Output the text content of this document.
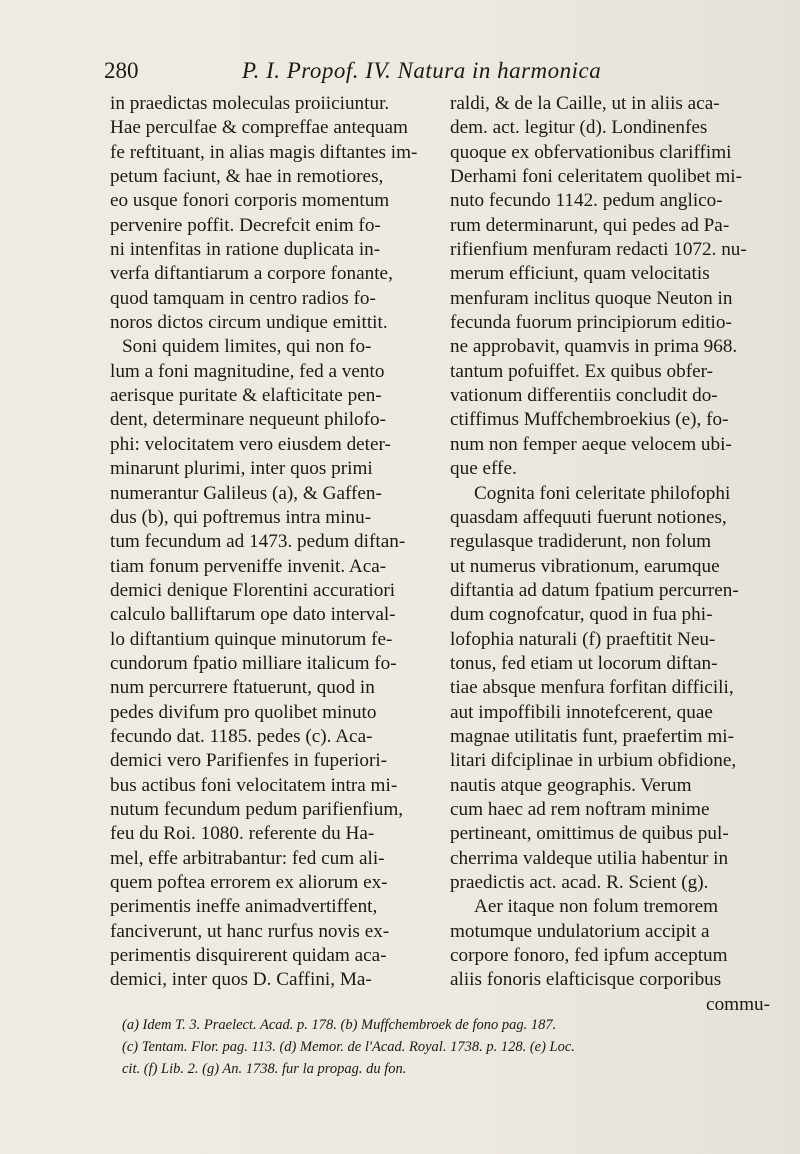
280	P. I. Propof. IV. Natura in harmonica
in praedictas moleculas proiiciuntur.
Hae perculfae & compreffae antequam
fe reftituant, in alias magis diftantes im-
petum faciunt, & hae in remotiores,
eo usque fonori corporis momentum
pervenire poffit. Decrefcit enim fo-
ni intenfitas in ratione duplicata in-
verfa diftantiarum a corpore fonante,
quod tamquam in centro radios fo-
noros dictos circum undique emittit.
Soni quidem limites, qui non fo-
lum a foni magnitudine, fed a vento
aerisque puritate & elafticitate pen-
dent, determinare nequeunt philofo-
phi: velocitatem vero eiusdem deter-
minarunt plurimi, inter quos primi
numerantur Galileus (a), & Gaffen-
dus (b), qui poftremus intra minu-
tum fecundum ad 1473. pedum diftan-
tiam fonum perveniffe invenit. Aca-
demici denique Florentini accuratiori
calculo balliftarum ope dato interval-
lo diftantium quinque minutorum fe-
cundorum fpatio milliare italicum fo-
num percurrere ftatuerunt, quod in
pedes divifum pro quolibet minuto
fecundo dat. 1185. pedes (c). Aca-
demici vero Parifienfes in fuperiori-
bus actibus foni velocitatem intra mi-
nutum fecundum pedum parifienfium,
feu du Roi. 1080. referente du Ha-
mel, effe arbitrabantur: fed cum ali-
quem poftea errorem ex aliorum ex-
perimentis ineffe animadvertiffent,
fanciverunt, ut hanc rurfus novis ex-
perimentis disquirerent quidam aca-
demici, inter quos D. Caffini, Ma-
raldi, & de la Caille, ut in aliis aca-
dem. act. legitur (d). Londinenfes
quoque ex obfervationibus clariffimi
Derhami foni celeritatem quolibet mi-
nuto fecundo 1142. pedum anglico-
rum determinarunt, qui pedes ad Pa-
rifienfium menfuram redacti 1072. nu-
merum efficiunt, quam velocitatis
menfuram inclitus quoque Neuton in
fecunda fuorum principiorum editio-
ne approbavit, quamvis in prima 968.
tantum pofuiffet. Ex quibus obfer-
vationum differentiis concludit do-
ctiffimus Muffchembroekius (e), fo-
num non femper aeque velocem ubi-
que effe.
Cognita foni celeritate philofophi
quasdam affequuti fuerunt notiones,
regulasque tradiderunt, non folum
ut numerus vibrationum, earumque
diftantia ad datum fpatium percurren-
dum cognofcatur, quod in fua phi-
lofophia naturali (f) praeftitit Neu-
tonus, fed etiam ut locorum diftan-
tiae absque menfura forfitan difficili,
aut impoffibili innotefcerent, quae
magnae utilitatis funt, praefertim mi-
litari difciplinae in urbium obfidione,
nautis atque geographis. Verum
cum haec ad rem noftram minime
pertineant, omittimus de quibus pul-
cherrima valdeque utilia habentur in
praedictis act. acad. R. Scient (g).
Aer itaque non folum tremorem
motumque undulatorium accipit a
corpore fonoro, fed ipfum acceptum
aliis fonoris elafticisque corporibus
commu-
(a) Idem T. 3. Praelect. Acad. p. 178. (b) Muffchembroek de fono pag. 187.
(c) Tentam. Flor. pag. 113. (d) Memor. de l'Acad. Royal. 1738. p. 128. (e) Loc.
cit. (f) Lib. 2. (g) An. 1738. fur la propag. du fon.
